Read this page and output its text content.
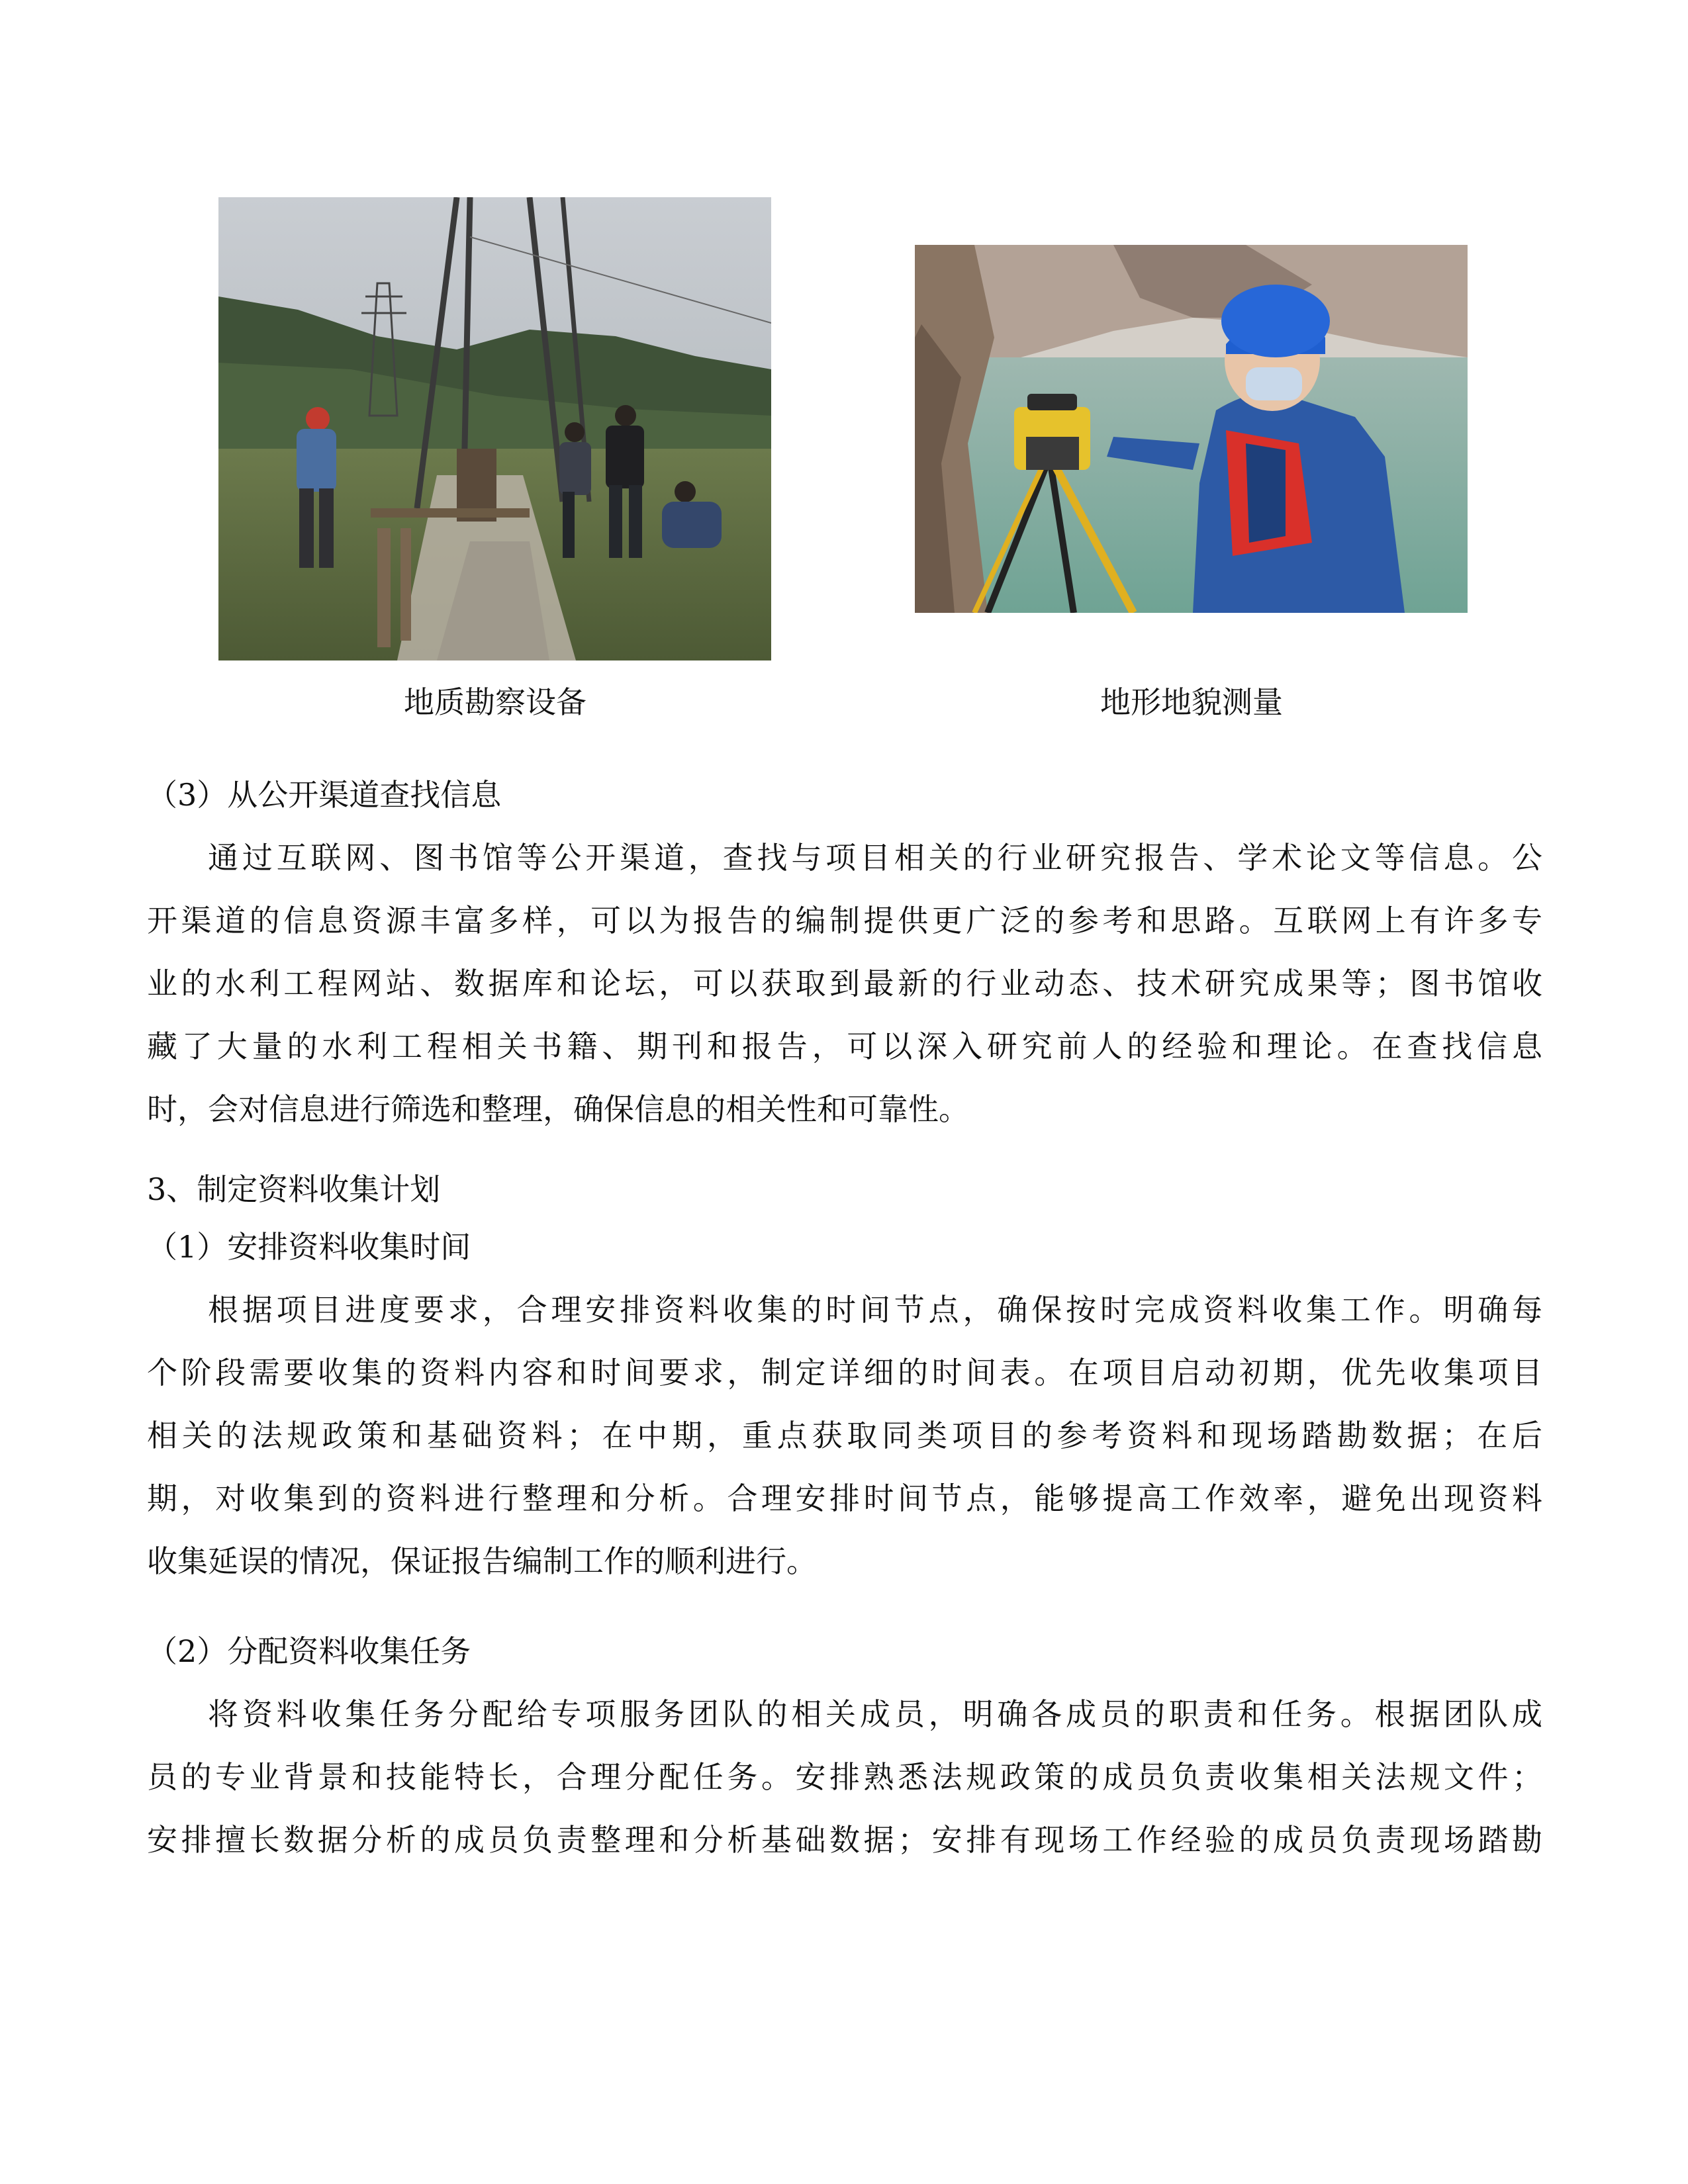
地质勘察设备	地形地貌测量
（3）从公开渠道查找信息
通过互联网、图书馆等公开渠道，查找与项目相关的行业研究报告、学术论文等信息。公
开渠道的信息资源丰富多样，可以为报告的编制提供更广泛的参考和思路。互联网上有许多专
业的水利工程网站、数据库和论坛，可以获取到最新的行业动态、技术研究成果等；图书馆收
藏了大量的水利工程相关书籍、期刊和报告，可以深入研究前人的经验和理论。在查找信息
时，会对信息进行筛选和整理，确保信息的相关性和可靠性。
3、制定资料收集计划
（1）安排资料收集时间
根据项目进度要求，合理安排资料收集的时间节点，确保按时完成资料收集工作。明确每
个阶段需要收集的资料内容和时间要求，制定详细的时间表。在项目启动初期，优先收集项目
相关的法规政策和基础资料；在中期，重点获取同类项目的参考资料和现场踏勘数据；在后
期，对收集到的资料进行整理和分析。合理安排时间节点，能够提高工作效率，避免出现资料
收集延误的情况，保证报告编制工作的顺利进行。
（2）分配资料收集任务
将资料收集任务分配给专项服务团队的相关成员，明确各成员的职责和任务。根据团队成
员的专业背景和技能特长，合理分配任务。安排熟悉法规政策的成员负责收集相关法规文件；
安排擅长数据分析的成员负责整理和分析基础数据；安排有现场工作经验的成员负责现场踏勘
